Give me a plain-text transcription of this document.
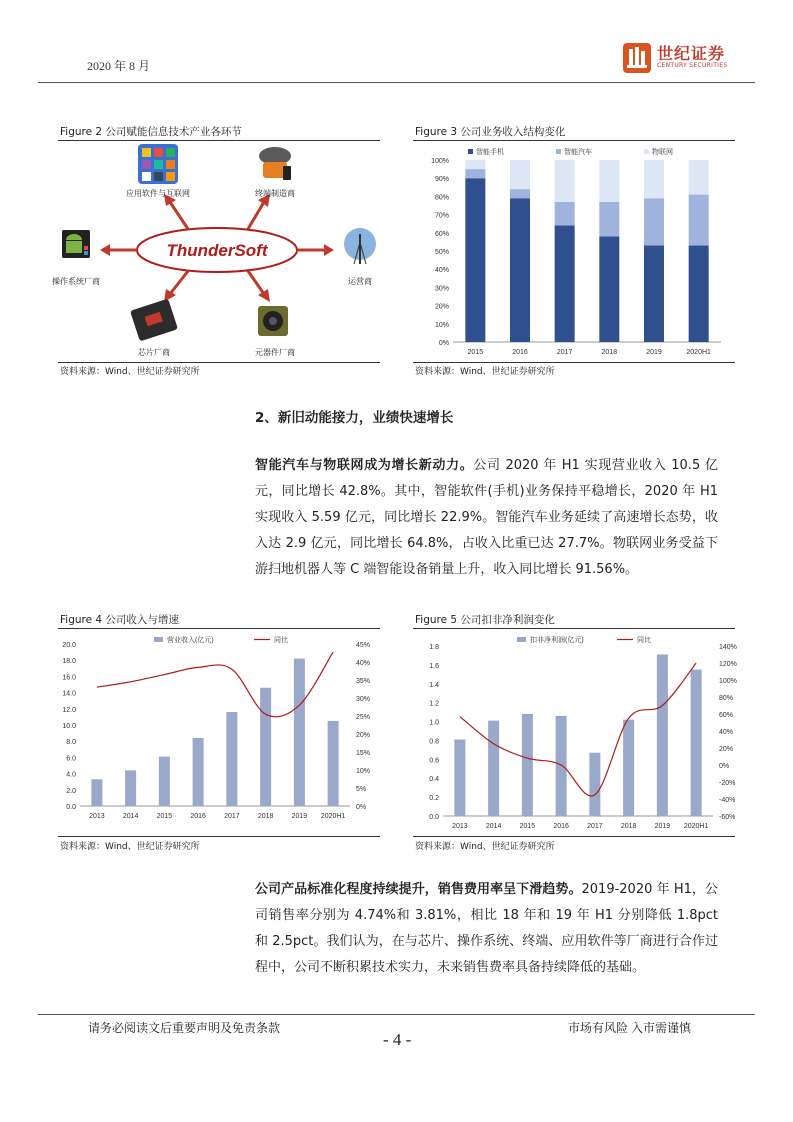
2020 年 8 月
世纪证券
CENTURY SECURITIES
Figure 2 公司赋能信息技术产业各环节
ThunderSoft
应用软件与互联网	终端制造商
操作系统厂商	运营商
芯片厂商	元器件厂商
资料来源：Wind、世纪证券研究所
Figure 3 公司业务收入结构变化
0%
10%
20%
30%
40%
50%
60%
70%
80%
90%
100%
2015	2016	2017	2018	2019	2020H1
智能手机	智能汽车	物联网
资料来源：Wind、世纪证券研究所
2、新旧动能接力，业绩快速增长
智能汽车与物联网成为增长新动力。公司 2020 年 H1 实现营业收入 10.5 亿元，同比增长 42.8%。其中，智能软件(手机)业务保持平稳增长，2020 年 H1 实现收入 5.59 亿元，同比增长 22.9%。智能汽车业务延续了高速增长态势，收入达 2.9 亿元，同比增长 64.8%，占收入比重已达 27.7%。物联网业务受益下游扫地机器人等 C 端智能设备销量上升，收入同比增长 91.56%。
Figure 4 公司收入与增速
0.0
2.0
4.0
6.0
8.0
10.0
12.0
14.0
16.0
18.0
20.0
0%
5%
10%
15%
20%
25%
30%
35%
40%
45%
2013	2014	2015	2016	2017	2018	2019 2020H1
营业收入(亿元)	同比
资料来源：Wind、世纪证券研究所
Figure 5 公司扣非净利润变化
0.0
0.2
0.4
0.6
0.8
1.0
1.2
1.4
1.6
1.8
-60%
-40%
-20%
0%
20%
40%
60%
80%
100%
120%
140%
2013	2014	2015	2016	2017	2018	2019 2020H1
扣非净利润(亿元)	同比
资料来源：Wind、世纪证券研究所
公司产品标准化程度持续提升，销售费用率呈下滑趋势。2019-2020 年 H1，公司销售率分别为 4.74%和 3.81%，相比 18 年和 19 年 H1 分别降低 1.8pct 和 2.5pct。我们认为，在与芯片、操作系统、终端、应用软件等厂商进行合作过程中，公司不断积累技术实力，未来销售费率具备持续降低的基础。
请务必阅读文后重要声明及免责条款	市场有风险 入市需谨慎
- 4 -
